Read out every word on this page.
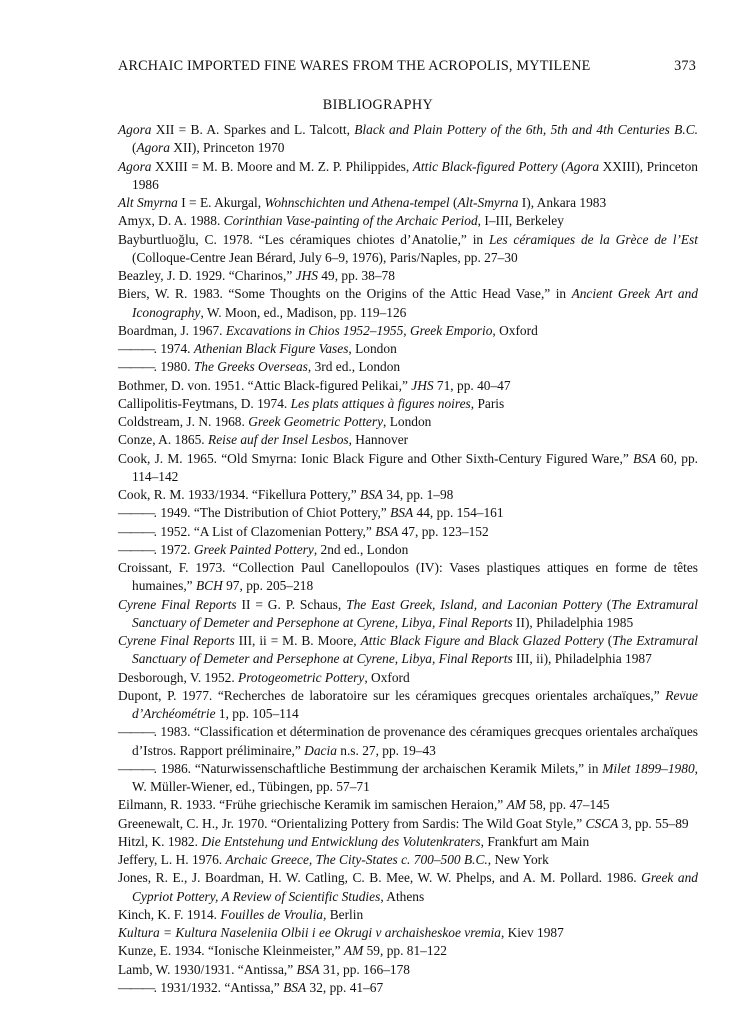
ARCHAIC IMPORTED FINE WARES FROM THE ACROPOLIS, MYTILENE	373
BIBLIOGRAPHY
Agora XII = B. A. Sparkes and L. Talcott, Black and Plain Pottery of the 6th, 5th and 4th Centuries B.C. (Agora XII), Princeton 1970
Agora XXIII = M. B. Moore and M. Z. P. Philippides, Attic Black-figured Pottery (Agora XXIII), Princeton 1986
Alt Smyrna I = E. Akurgal, Wohnschichten und Athena-tempel (Alt-Smyrna I), Ankara 1983
Amyx, D. A. 1988. Corinthian Vase-painting of the Archaic Period, I–III, Berkeley
Bayburtluoğlu, C. 1978. “Les céramiques chiotes d’Anatolie,” in Les céramiques de la Grèce de l’Est (Colloque-Centre Jean Bérard, July 6–9, 1976), Paris/Naples, pp. 27–30
Beazley, J. D. 1929. “Charinos,” JHS 49, pp. 38–78
Biers, W. R. 1983. “Some Thoughts on the Origins of the Attic Head Vase,” in Ancient Greek Art and Iconography, W. Moon, ed., Madison, pp. 119–126
Boardman, J. 1967. Excavations in Chios 1952–1955, Greek Emporio, Oxford
———. 1974. Athenian Black Figure Vases, London
———. 1980. The Greeks Overseas, 3rd ed., London
Bothmer, D. von. 1951. “Attic Black-figured Pelikai,” JHS 71, pp. 40–47
Callipolitis-Feytmans, D. 1974. Les plats attiques à figures noires, Paris
Coldstream, J. N. 1968. Greek Geometric Pottery, London
Conze, A. 1865. Reise auf der Insel Lesbos, Hannover
Cook, J. M. 1965. “Old Smyrna: Ionic Black Figure and Other Sixth-Century Figured Ware,” BSA 60, pp. 114–142
Cook, R. M. 1933/1934. “Fikellura Pottery,” BSA 34, pp. 1–98
———. 1949. “The Distribution of Chiot Pottery,” BSA 44, pp. 154–161
———. 1952. “A List of Clazomenian Pottery,” BSA 47, pp. 123–152
———. 1972. Greek Painted Pottery, 2nd ed., London
Croissant, F. 1973. “Collection Paul Canellopoulos (IV): Vases plastiques attiques en forme de têtes humaines,” BCH 97, pp. 205–218
Cyrene Final Reports II = G. P. Schaus, The East Greek, Island, and Laconian Pottery (The Extramural Sanctuary of Demeter and Persephone at Cyrene, Libya, Final Reports II), Philadelphia 1985
Cyrene Final Reports III, ii = M. B. Moore, Attic Black Figure and Black Glazed Pottery (The Extramural Sanctuary of Demeter and Persephone at Cyrene, Libya, Final Reports III, ii), Philadelphia 1987
Desborough, V. 1952. Protogeometric Pottery, Oxford
Dupont, P. 1977. “Recherches de laboratoire sur les céramiques grecques orientales archaïques,” Revue d’Archéométrie 1, pp. 105–114
———. 1983. “Classification et détermination de provenance des céramiques grecques orientales archaïques d’Istros. Rapport préliminaire,” Dacia n.s. 27, pp. 19–43
———. 1986. “Naturwissenschaftliche Bestimmung der archaischen Keramik Milets,” in Milet 1899–1980, W. Müller-Wiener, ed., Tübingen, pp. 57–71
Eilmann, R. 1933. “Frühe griechische Keramik im samischen Heraion,” AM 58, pp. 47–145
Greenewalt, C. H., Jr. 1970. “Orientalizing Pottery from Sardis: The Wild Goat Style,” CSCA 3, pp. 55–89
Hitzl, K. 1982. Die Entstehung und Entwicklung des Volutenkraters, Frankfurt am Main
Jeffery, L. H. 1976. Archaic Greece, The City-States c. 700–500 B.C., New York
Jones, R. E., J. Boardman, H. W. Catling, C. B. Mee, W. W. Phelps, and A. M. Pollard. 1986. Greek and Cypriot Pottery, A Review of Scientific Studies, Athens
Kinch, K. F. 1914. Fouilles de Vroulia, Berlin
Kultura = Kultura Naseleniia Olbii i ee Okrugi v archaisheskoe vremia, Kiev 1987
Kunze, E. 1934. “Ionische Kleinmeister,” AM 59, pp. 81–122
Lamb, W. 1930/1931. “Antissa,” BSA 31, pp. 166–178
———. 1931/1932. “Antissa,” BSA 32, pp. 41–67
